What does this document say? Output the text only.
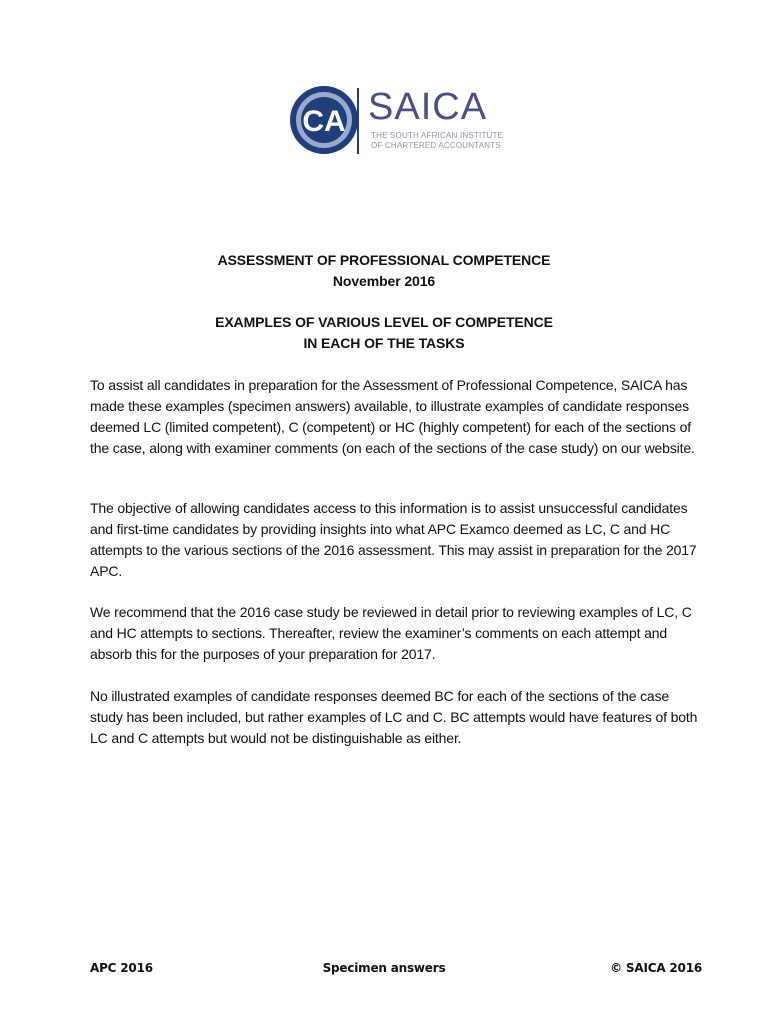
CA SAICA
THE SOUTH AFRICAN INSTITUTE
OF CHARTERED ACCOUNTANTS
ASSESSMENT OF PROFESSIONAL COMPETENCE
November 2016
EXAMPLES OF VARIOUS LEVEL OF COMPETENCE
IN EACH OF THE TASKS
To assist all candidates in preparation for the Assessment of Professional Competence, SAICA has made these examples (specimen answers) available, to illustrate examples of candidate responses deemed LC (limited competent), C (competent) or HC (highly competent) for each of the sections of the case, along with examiner comments (on each of the sections of the case study) on our website.
The objective of allowing candidates access to this information is to assist unsuccessful candidates and first-time candidates by providing insights into what APC Examco deemed as LC, C and HC attempts to the various sections of the 2016 assessment. This may assist in preparation for the 2017 APC.
We recommend that the 2016 case study be reviewed in detail prior to reviewing examples of LC, C and HC attempts to sections. Thereafter, review the examiner’s comments on each attempt and absorb this for the purposes of your preparation for 2017.
No illustrated examples of candidate responses deemed BC for each of the sections of the case study has been included, but rather examples of LC and C. BC attempts would have features of both LC and C attempts but would not be distinguishable as either.
APC 2016	Specimen answers	© SAICA 2016
